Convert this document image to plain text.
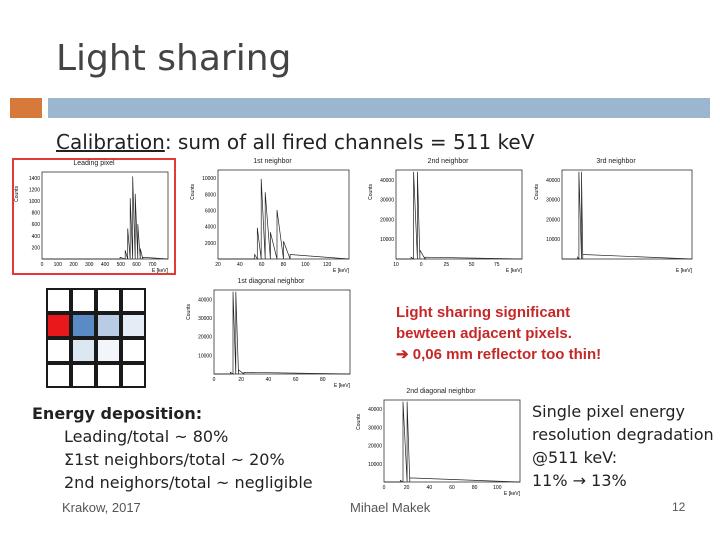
Light sharing
Calibration: sum of all fired channels = 511 keV
Leading pixel
1400
1200
1000
800
600
400
200
0 100 200 300 400 500 600 700
Counts
E [keV]
1st neighbor
10000
8000
6000
4000
2000
20	40	60	80	100	120
Counts
E [keV]
2nd neighbor
40000
30000
20000
10000
10	0	25	50	75
Counts
E [keV]
3rd neighbor
40000
30000
20000
10000
Counts
E [keV]
1st diagonal neighbor
40000
30000
20000
10000
0	20	40	60	80
Counts
E [keV]
2nd diagonal neighbor
40000
30000
20000
10000
0	20	40	60	80	100
Counts
E [keV]
Light sharing significant
bewteen adjacent pixels.
➔ 0,06 mm reflector too thin!
Energy deposition:
Leading/total ~ 80%
Σ1st neighbors/total ~ 20%
2nd neighors/total ~ negligible
Single pixel energy
resolution degradation
@511 keV:
11% → 13%
Krakow, 2017	Mihael Makek	12
